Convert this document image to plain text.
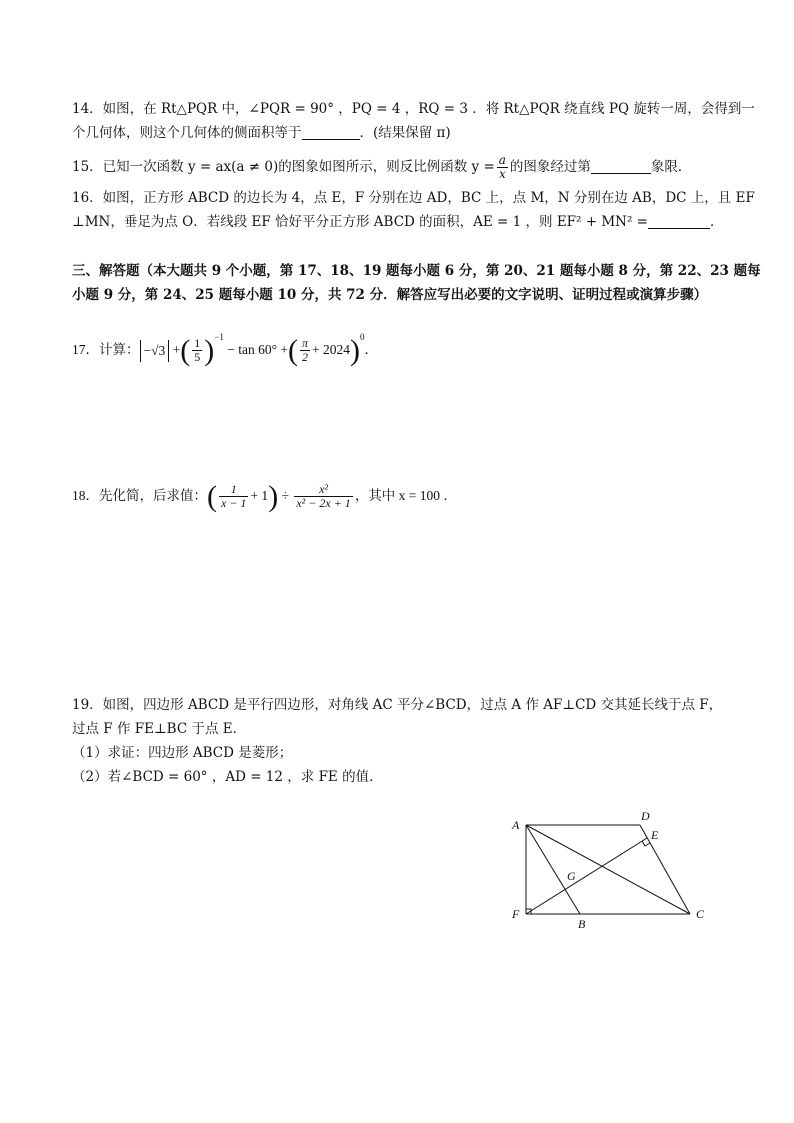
14．如图，在 Rt△PQR 中，∠PQR = 90° ，PQ = 4 ，RQ = 3 ．将 Rt△PQR 绕直线 PQ 旋转一周，会得到一
个几何体，则这个几何体的侧面积等于	．(结果保留 π)
15．已知一次函数 y = ax(a ≠ 0)的图象如图所示，则反比例函数 $y = \frac{a}{x}$ 的图象经过第	象限．
16．如图，正方形 ABCD 的边长为 4，点 E，F 分别在边 AD，BC 上，点 M，N 分别在边 AB，DC 上，且 EF
⊥MN，垂足为点 O．若线段 EF 恰好平分正方形 ABCD 的面积，AE = 1 ，则 EF² + MN² =	．
三、解答题（本大题共 9 个小题，第 17、18、19 题每小题 6 分，第 20、21 题每小题 8 分，第 22、23 题每
小题 9 分，第 24、25 题每小题 10 分，共 72 分．解答应写出必要的文字说明、证明过程或演算步骤）
17．计算： −√3 +( $\frac{1}{5} )^{-1} - \tan 60^\circ$ +( $\frac{\pi}{2} + 2024)^0$．
18．先化简，后求值：( $\frac{1}{x - 1} + 1) \div \frac{\text{x²}}{\text{x² − 2x + 1}}$ ，其中 x = 100 ．
19．如图，四边形 ABCD 是平行四边形，对角线 AC 平分∠BCD，过点 A 作 AF⊥CD 交其延长线于点 F，
过点 F 作 FE⊥BC 于点 E．
（1）求证：四边形 ABCD 是菱形；
（2）若∠BCD = 60° ，AD = 12 ，求 FE 的值．
A
D
E
G
F
B
C
